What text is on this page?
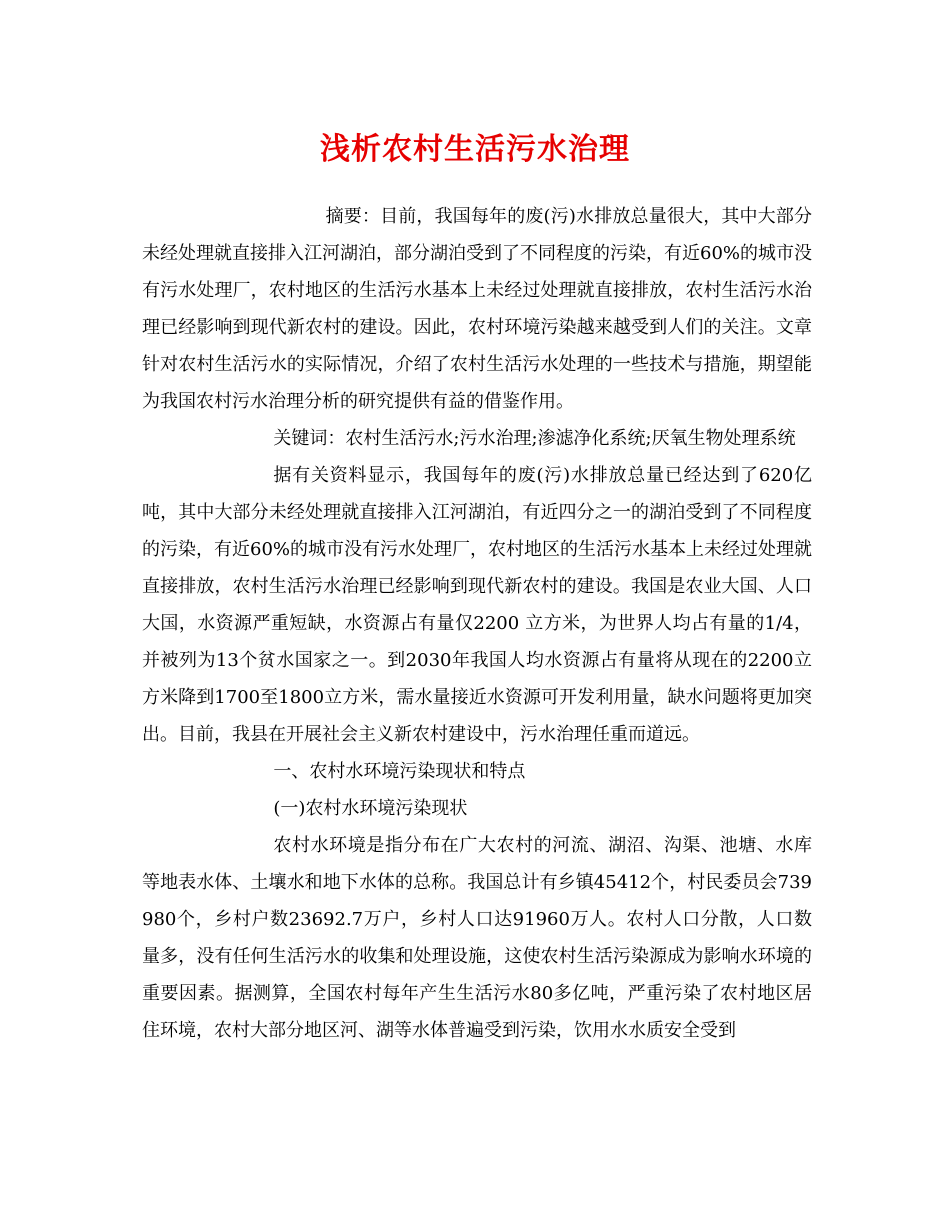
浅析农村生活污水治理

摘要：目前，我国每年的废(污)水排放总量很大，其中大部分未经处理就直接排入江河湖泊，部分湖泊受到了不同程度的污染，有近60%的城市没有污水处理厂，农村地区的生活污水基本上未经过处理就直接排放，农村生活污水治理已经影响到现代新农村的建设。因此，农村环境污染越来越受到人们的关注。文章针对农村生活污水的实际情况，介绍了农村生活污水处理的一些技术与措施，期望能为我国农村污水治理分析的研究提供有益的借鉴作用。

关键词：农村生活污水;污水治理;渗滤净化系统;厌氧生物处理系统

据有关资料显示，我国每年的废(污)水排放总量已经达到了620亿吨，其中大部分未经处理就直接排入江河湖泊，有近四分之一的湖泊受到了不同程度的污染，有近60%的城市没有污水处理厂，农村地区的生活污水基本上未经过处理就直接排放，农村生活污水治理已经影响到现代新农村的建设。我国是农业大国、人口大国，水资源严重短缺，水资源占有量仅2200 立方米，为世界人均占有量的1/4，并被列为13个贫水国家之一。到2030年我国人均水资源占有量将从现在的2200立方米降到1700至1800立方米，需水量接近水资源可开发利用量，缺水问题将更加突出。目前，我县在开展社会主义新农村建设中，污水治理任重而道远。

一、农村水环境污染现状和特点

(一)农村水环境污染现状

农村水环境是指分布在广大农村的河流、湖沼、沟渠、池塘、水库等地表水体、土壤水和地下水体的总称。我国总计有乡镇45412个，村民委员会739980个，乡村户数23692.7万户，乡村人口达91960万人。农村人口分散，人口数量多，没有任何生活污水的收集和处理设施，这使农村生活污染源成为影响水环境的重要因素。据测算，全国农村每年产生生活污水80多亿吨，严重污染了农村地区居住环境，农村大部分地区河、湖等水体普遍受到污染，饮用水水质安全受到
